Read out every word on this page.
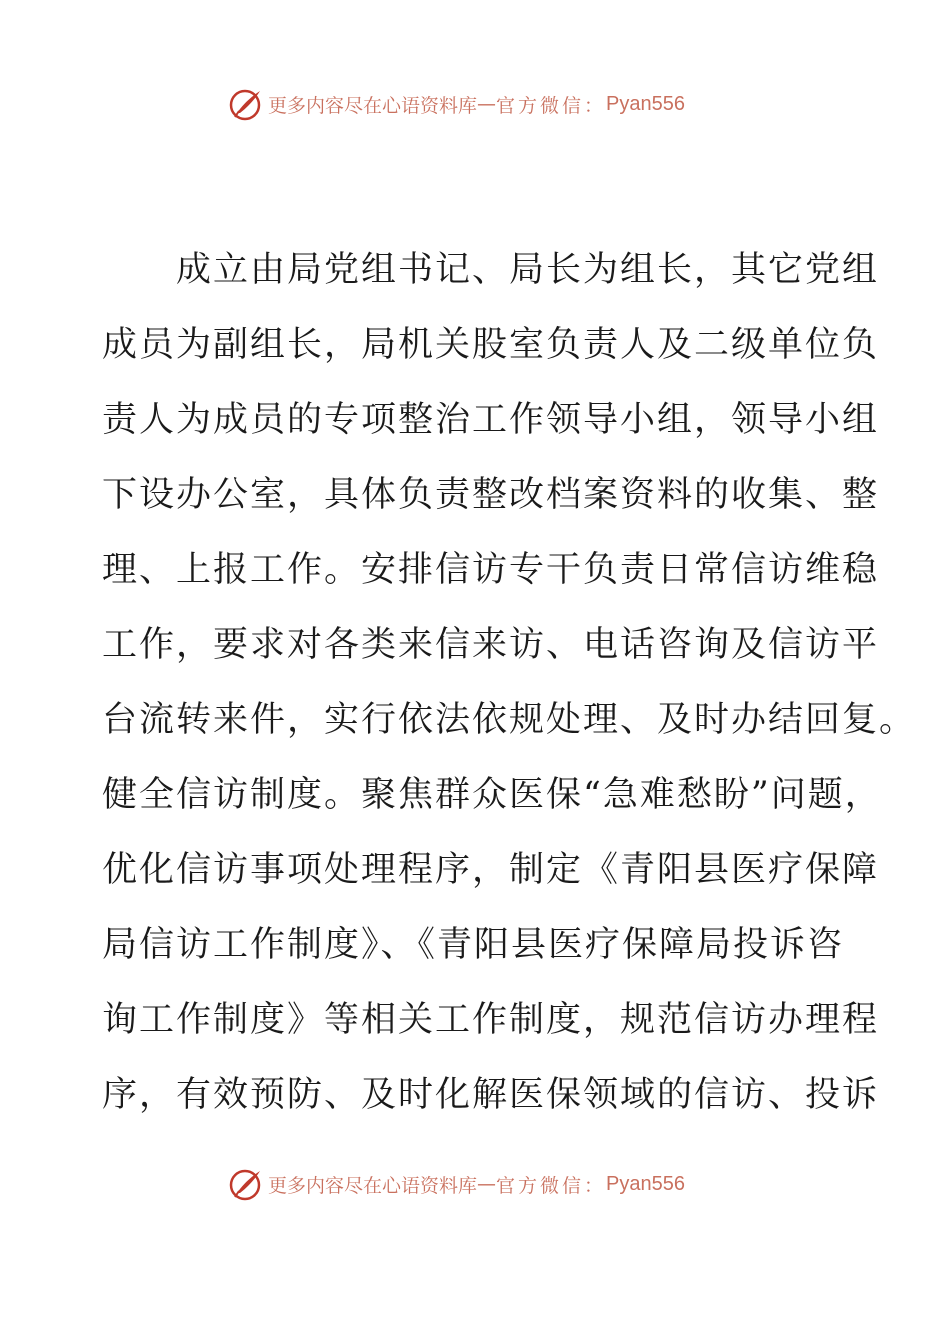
更多内容尽在心语资料库 — 官方微信： Pyan556
　　成立由局党组书记、局长为组长，其它党组
成员为副组长，局机关股室负责人及二级单位负
责人为成员的专项整治工作领导小组，领导小组
下设办公室，具体负责整改档案资料的收集、整
理、上报工作。安排信访专干负责日常信访维稳
工作，要求对各类来信来访、电话咨询及信访平
台流转来件，实行依法依规处理、及时办结回复。
健全信访制度。聚焦群众医保“急难愁盼”问题，
优化信访事项处理程序，制定《青阳县医疗保障
局信访工作制度》、《青阳县医疗保障局投诉咨
询工作制度》等相关工作制度，规范信访办理程
序，有效预防、及时化解医保领域的信访、投诉
更多内容尽在心语资料库 — 官方微信： Pyan556
